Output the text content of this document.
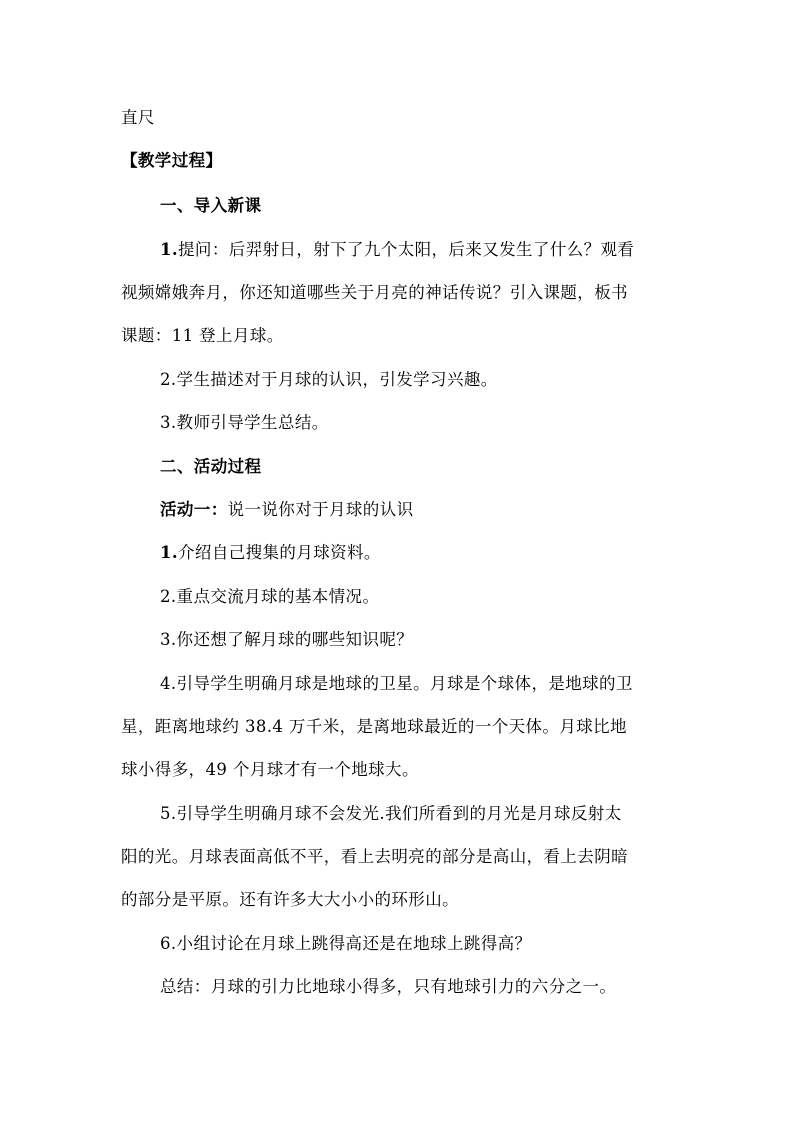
直尺
【教学过程】
一、导入新课
1.提问：后羿射日，射下了九个太阳，后来又发生了什么？观看
视频嫦娥奔月，你还知道哪些关于月亮的神话传说？引入课题，板书
课题：11 登上月球。
2.学生描述对于月球的认识，引发学习兴趣。
3.教师引导学生总结。
二、活动过程
活动一：说一说你对于月球的认识
1.介绍自己搜集的月球资料。
2.重点交流月球的基本情况。
3.你还想了解月球的哪些知识呢？
4.引导学生明确月球是地球的卫星。月球是个球体，是地球的卫
星，距离地球约 38.4 万千米，是离地球最近的一个天体。月球比地
球小得多，49 个月球才有一个地球大。
5.引导学生明确月球不会发光.我们所看到的月光是月球反射太
阳的光。月球表面高低不平，看上去明亮的部分是高山，看上去阴暗
的部分是平原。还有许多大大小小的环形山。
6.小组讨论在月球上跳得高还是在地球上跳得高？
总结：月球的引力比地球小得多，只有地球引力的六分之一。
